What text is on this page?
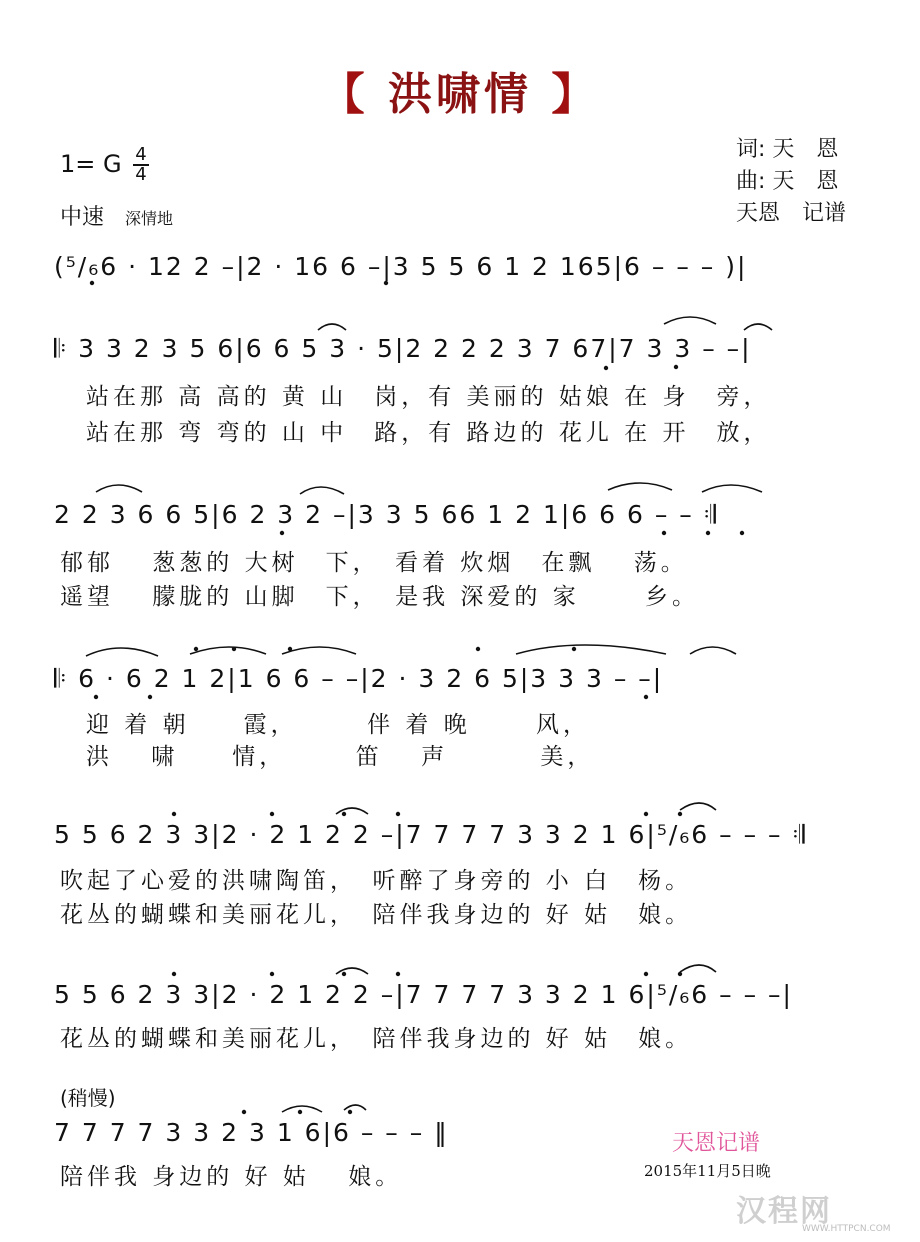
【 洪啸情 】
1= G $\frac{4}{4}$
中速 深情地
词: 天　恩
曲: 天　恩
天恩　记谱
(⁵/₆6 · 12 2 –|2 · 16 6 –|3 5 5 6 1 2 165|6 – – – )|
𝄆 3 3 2 3 5 6|6 6 5 3 · 5|2 2 2 2 3 7 67|7 3 3 – –|
站在那 高 高的 黄 山　岗，有 美丽的 姑娘 在 身　旁，
站在那 弯 弯的 山 中　路，有 路边的 花儿 在 开　放，
2 2 3 6 6 5|6 2 3 2 –|3 3 5 66 1 2 1|6 6 6 – – 𝄇
郁郁　 葱葱的 大树　下，　看着 炊烟　在飘　 荡。
遥望　 朦胧的 山脚　下，　是我 深爱的 家　　 乡。
𝄆 6 · 6 2 1 2|1 6 6 – –|2 · 3 2 6 5|3 3 3 – –|
迎 着 朝　　霞，　　　伴 着 晚　　 风，
洪　 啸　　情，　　　笛　 声　　　 美，
5 5 6 2 3 3|2 · 2 1 2 2 –|7 7 7 7 3 3 2 1 6|⁵/₆6 – – – 𝄇
吹起了心爱的洪啸陶笛，　听醉了身旁的 小 白　杨。
花丛的蝴蝶和美丽花儿，　陪伴我身边的 好 姑　娘。
5 5 6 2 3 3|2 · 2 1 2 2 –|7 7 7 7 3 3 2 1 6|⁵/₆6 – – –|
花丛的蝴蝶和美丽花儿，　陪伴我身边的 好 姑　娘。
(稍慢)
7 7 7 7 3 3 2 3 1 6|6 – – – ‖
陪伴我 身边的 好 姑　 娘。
天恩记谱
2015年11月5日晚
汉程网
WWW.HTTPCN.COM
